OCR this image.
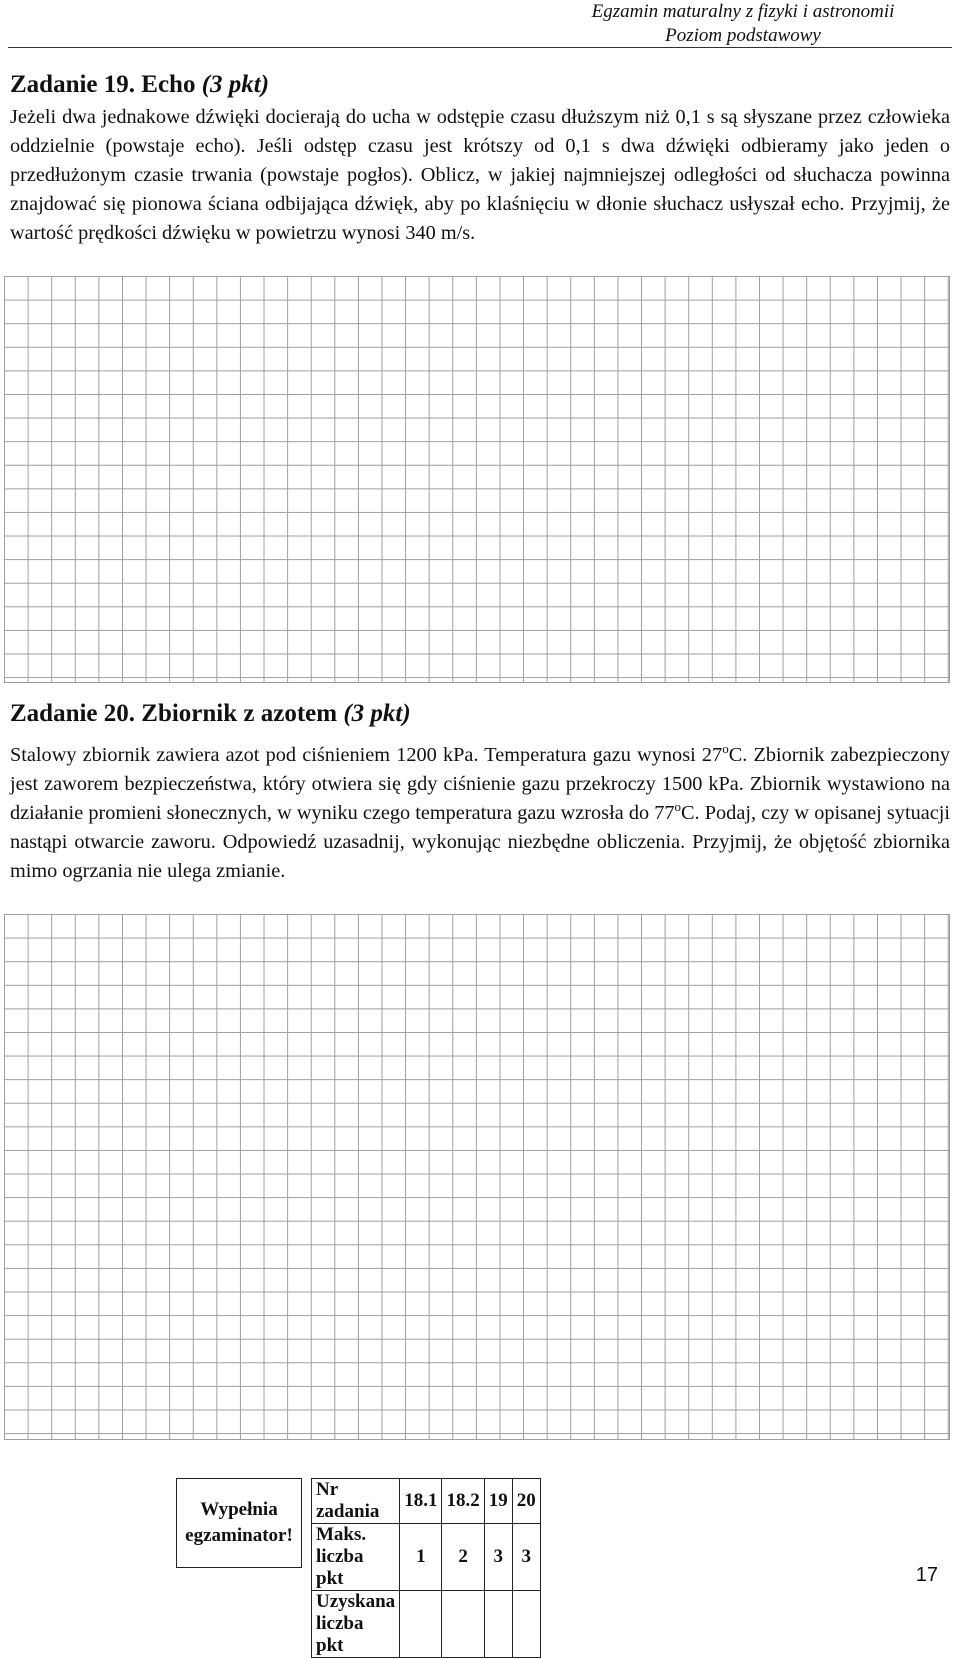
Egzamin maturalny z fizyki i astronomii
Poziom podstawowy
Zadanie 19. Echo (3 pkt)
Jeżeli dwa jednakowe dźwięki docierają do ucha w odstępie czasu dłuższym niż 0,1 s są słyszane przez człowieka oddzielnie (powstaje echo). Jeśli odstęp czasu jest krótszy od 0,1 s dwa dźwięki odbieramy jako jeden o przedłużonym czasie trwania (powstaje pogłos). Oblicz, w jakiej najmniejszej odległości od słuchacza powinna znajdować się pionowa ściana odbijająca dźwięk, aby po klaśnięciu w dłonie słuchacz usłyszał echo. Przyjmij, że wartość prędkości dźwięku w powietrzu wynosi 340 m/s.
Zadanie 20. Zbiornik z azotem (3 pkt)
Stalowy zbiornik zawiera azot pod ciśnieniem 1200 kPa. Temperatura gazu wynosi 27$^o$C. Zbiornik zabezpieczony jest zaworem bezpieczeństwa, który otwiera się gdy ciśnienie gazu przekroczy 1500 kPa. Zbiornik wystawiono na działanie promieni słonecznych, w wyniku czego temperatura gazu wzrosła do 77$^o$C. Podaj, czy w opisanej sytuacji nastąpi otwarcie zaworu. Odpowiedź uzasadnij, wykonując niezbędne obliczenia. Przyjmij, że objętość zbiornika mimo ogrzania nie ulega zmianie.
Wypełnia
egzaminator!
Nr zadania	18.1	18.2	19	20
Maks. liczba pkt	1	2	3	3
Uzyskana liczba pkt				
17
